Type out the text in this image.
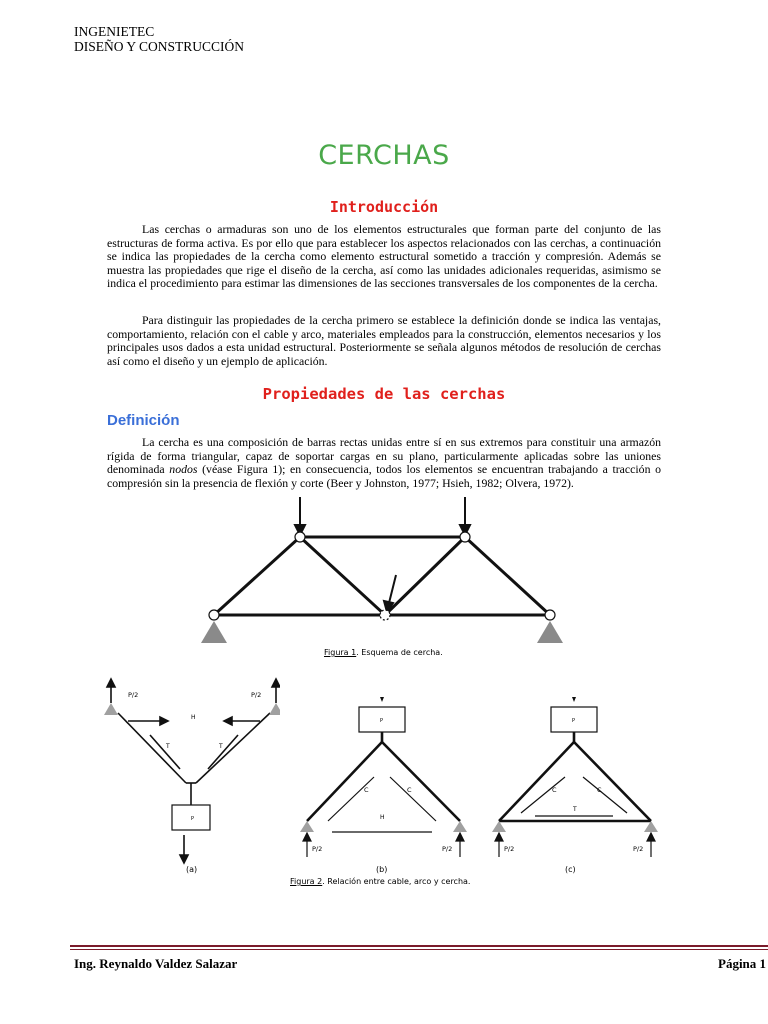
INGENIETEC
DISEÑO Y CONSTRUCCIÓN
CERCHAS
Introducción

Las cerchas o armaduras son uno de los elementos estructurales que forman parte del conjunto de las estructuras de forma activa. Es por ello que para establecer los aspectos relacionados con las cerchas, a continuación se indica las propiedades de la cercha como elemento estructural sometido a tracción y compresión. Además se muestra las propiedades que rige el diseño de la cercha, así como las unidades adicionales requeridas, asimismo se indica el procedimiento para estimar las dimensiones de las secciones transversales de los componentes de la cercha.

Para distinguir las propiedades de la cercha primero se establece la definición donde se indica las ventajas, comportamiento, relación con el cable y arco, materiales empleados para la construcción, elementos necesarios y los principales usos dados a esta unidad estructural. Posteriormente se señala algunos métodos de resolución de cerchas así como el diseño y un ejemplo de aplicación.

Propiedades de las cerchas
Definición

La cercha es una composición de barras rectas unidas entre sí en sus extremos para constituir una armazón rígida de forma triangular, capaz de soportar cargas en su plano, particularmente aplicadas sobre las uniones denominada nodos (véase Figura 1); en consecuencia, todos los elementos se encuentran trabajando a tracción o compresión sin la presencia de flexión y corte (Beer y Johnston, 1977; Hsieh, 1982; Olvera, 1972).

Figura 1. Esquema de cercha.
P/2	P/2
H
T	T
P
(a)
P
C	C
H
P/2	P/2
(b)
P
C	C
T
P/2	P/2
(c)
Figura 2. Relación entre cable, arco y cercha.
Ing. Reynaldo Valdez Salazar	Página 1
